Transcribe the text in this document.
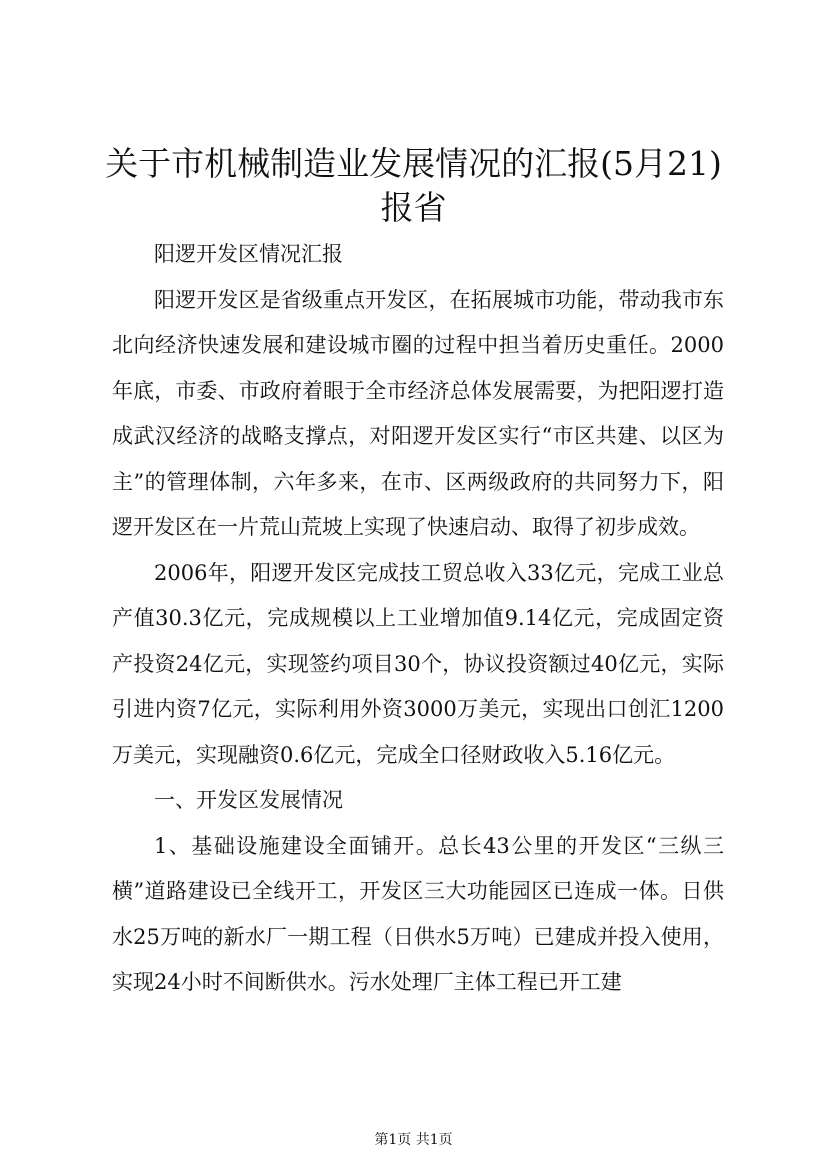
关于市机械制造业发展情况的汇报(5月21)报省

阳逻开发区情况汇报

阳逻开发区是省级重点开发区，在拓展城市功能，带动我市东北向经济快速发展和建设城市圈的过程中担当着历史重任。2000年底，市委、市政府着眼于全市经济总体发展需要，为把阳逻打造成武汉经济的战略支撑点，对阳逻开发区实行“市区共建、以区为主”的管理体制，六年多来，在市、区两级政府的共同努力下，阳逻开发区在一片荒山荒坡上实现了快速启动、取得了初步成效。

2006年，阳逻开发区完成技工贸总收入33亿元，完成工业总产值30.3亿元，完成规模以上工业增加值9.14亿元，完成固定资产投资24亿元，实现签约项目30个，协议投资额过40亿元，实际引进内资7亿元，实际利用外资3000万美元，实现出口创汇1200万美元，实现融资0.6亿元，完成全口径财政收入5.16亿元。

一、开发区发展情况

1、基础设施建设全面铺开。总长43公里的开发区“三纵三横”道路建设已全线开工，开发区三大功能园区已连成一体。日供水25万吨的新水厂一期工程（日供水5万吨）已建成并投入使用，实现24小时不间断供水。污水处理厂主体工程已开工建

第1页 共1页
